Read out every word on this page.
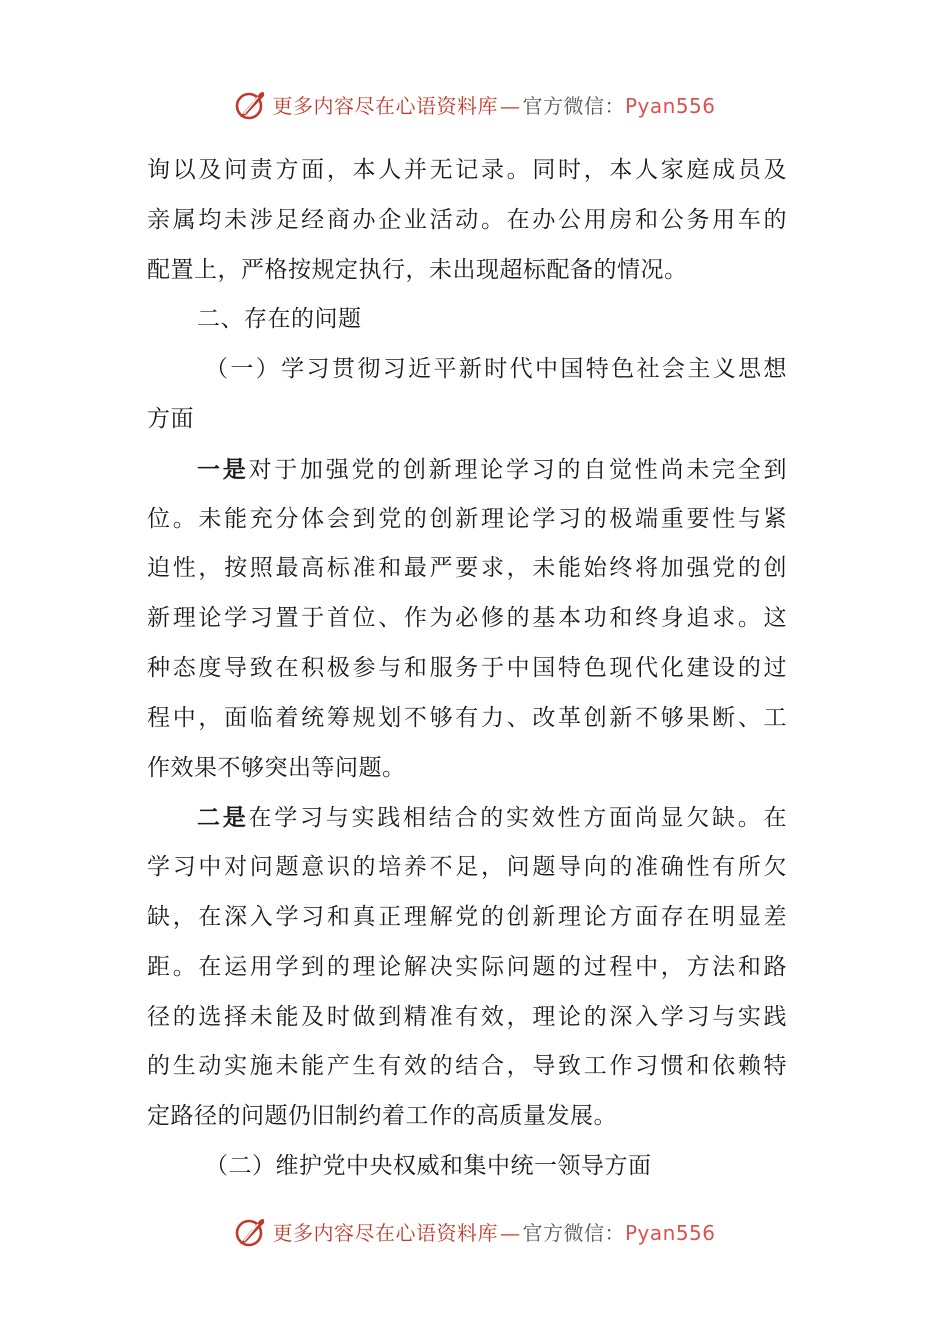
更多内容尽在心语资料库 — 官方微信：Pyan556
询以及问责方面，本人并无记录。同时，本人家庭成员及
亲属均未涉足经商办企业活动。在办公用房和公务用车的
配置上，严格按规定执行，未出现超标配备的情况。
二、存在的问题
（一）学习贯彻习近平新时代中国特色社会主义思想
方面
一是对于加强党的创新理论学习的自觉性尚未完全到
位。未能充分体会到党的创新理论学习的极端重要性与紧
迫性，按照最高标准和最严要求，未能始终将加强党的创
新理论学习置于首位、作为必修的基本功和终身追求。这
种态度导致在积极参与和服务于中国特色现代化建设的过
程中，面临着统筹规划不够有力、改革创新不够果断、工
作效果不够突出等问题。
二是在学习与实践相结合的实效性方面尚显欠缺。在
学习中对问题意识的培养不足，问题导向的准确性有所欠
缺，在深入学习和真正理解党的创新理论方面存在明显差
距。在运用学到的理论解决实际问题的过程中，方法和路
径的选择未能及时做到精准有效，理论的深入学习与实践
的生动实施未能产生有效的结合，导致工作习惯和依赖特
定路径的问题仍旧制约着工作的高质量发展。
（二）维护党中央权威和集中统一领导方面
更多内容尽在心语资料库 — 官方微信：Pyan556
